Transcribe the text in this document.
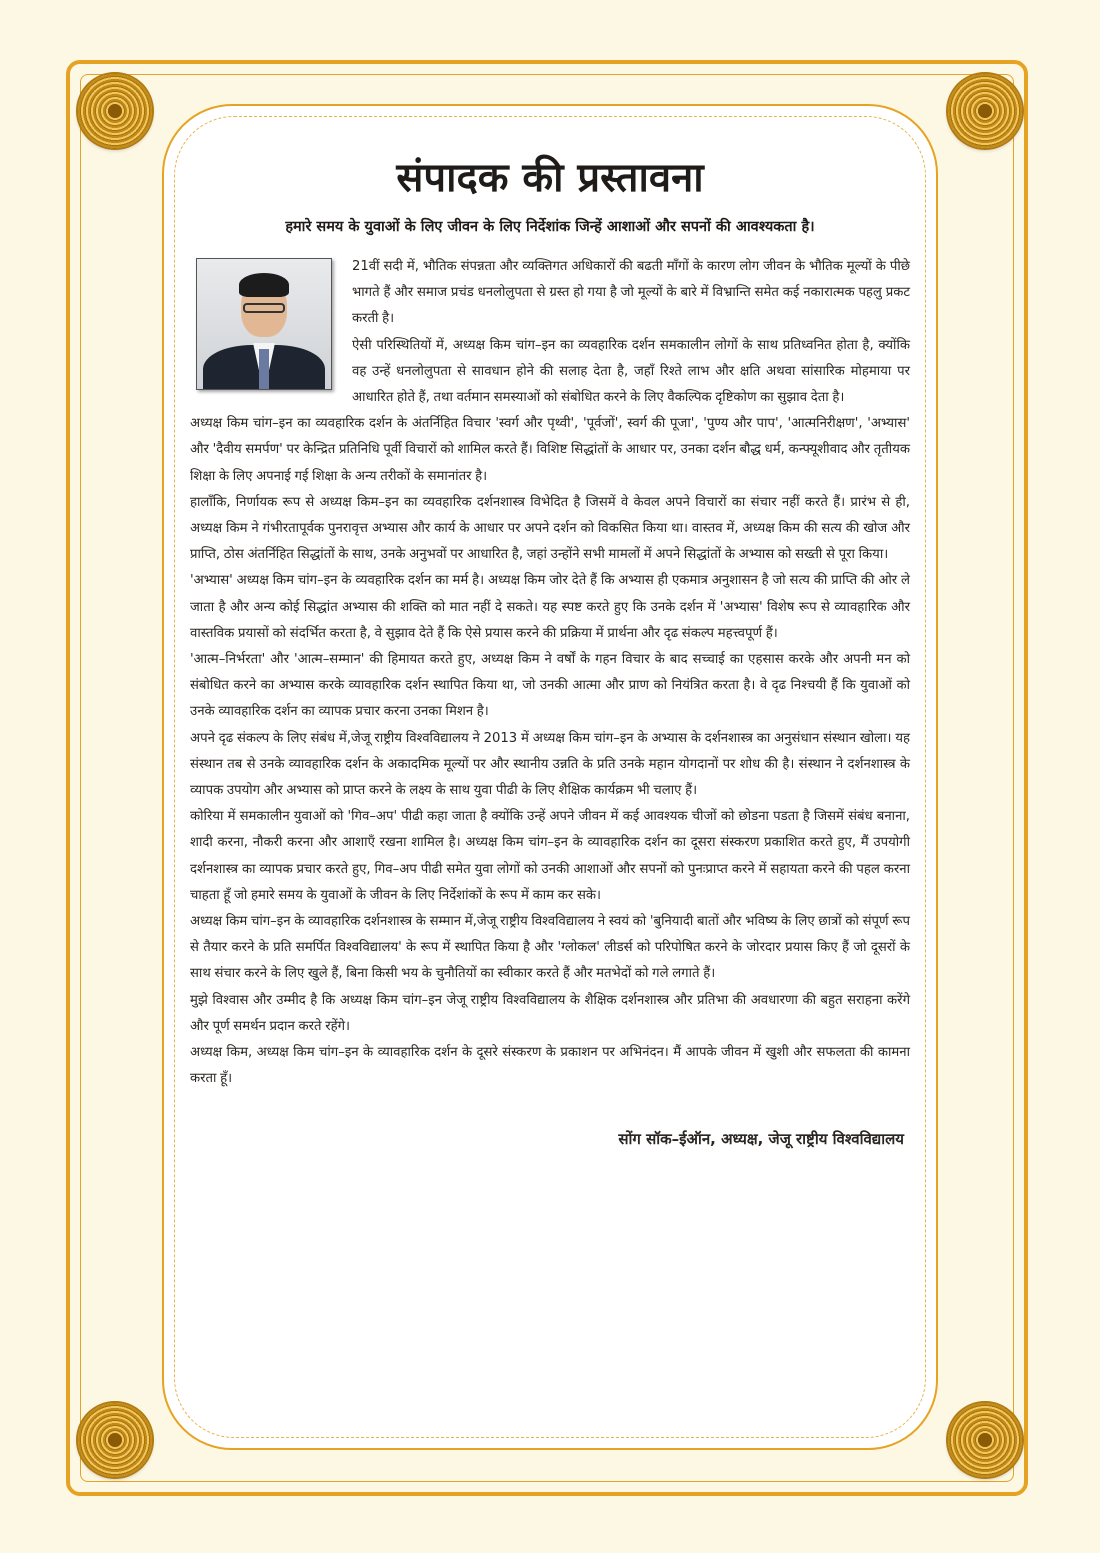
संपादक की प्रस्तावना
हमारे समय के युवाओं के लिए जीवन के लिए निर्देशांक जिन्हें आशाओं और सपनों की आवश्यकता है।

21वीं सदी में, भौतिक संपन्नता और व्यक्तिगत अधिकारों की बढती माँगों के कारण लोग जीवन के भौतिक मूल्यों के पीछे भागते हैं और समाज प्रचंड धनलोलुपता से ग्रस्त हो गया है जो मूल्यों के बारे में विभ्रान्ति समेत कई नकारात्मक पहलु प्रकट करती है।

ऐसी परिस्थितियों में, अध्यक्ष किम चांग–इन का व्यवहारिक दर्शन समकालीन लोगों के साथ प्रतिध्वनित होता है, क्योंकि वह उन्हें धनलोलुपता से सावधान होने की सलाह देता है, जहाँ रिश्ते लाभ और क्षति अथवा सांसारिक मोहमाया पर आधारित होते हैं, तथा वर्तमान समस्याओं को संबोधित करने के लिए वैकल्पिक दृष्टिकोण का सुझाव देता है।

अध्यक्ष किम चांग–इन का व्यवहारिक दर्शन के अंतर्निहित विचार 'स्वर्ग और पृथ्वी', 'पूर्वजों', स्वर्ग की पूजा', 'पुण्य और पाप', 'आत्मनिरीक्षण', 'अभ्यास' और 'दैवीय समर्पण' पर केन्द्रित प्रतिनिधि पूर्वी विचारों को शामिल करते हैं। विशिष्ट सिद्धांतों के आधार पर, उनका दर्शन बौद्ध धर्म, कन्फ्यूशीवाद और तृतीयक शिक्षा के लिए अपनाई गई शिक्षा के अन्य तरीकों के समानांतर है।

हालाँकि, निर्णायक रूप से अध्यक्ष किम–इन का व्यवहारिक दर्शनशास्त्र विभेदित है जिसमें वे केवल अपने विचारों का संचार नहीं करते हैं। प्रारंभ से ही, अध्यक्ष किम ने गंभीरतापूर्वक पुनरावृत्त अभ्यास और कार्य के आधार पर अपने दर्शन को विकसित किया था। वास्तव में, अध्यक्ष किम की सत्य की खोज और प्राप्ति, ठोस अंतर्निहित सिद्धांतों के साथ, उनके अनुभवों पर आधारित है, जहां उन्होंने सभी मामलों में अपने सिद्धांतों के अभ्यास को सख्ती से पूरा किया।

'अभ्यास' अध्यक्ष किम चांग–इन के व्यवहारिक दर्शन का मर्म है। अध्यक्ष किम जोर देते हैं कि अभ्यास ही एकमात्र अनुशासन है जो सत्य की प्राप्ति की ओर ले जाता है और अन्य कोई सिद्धांत अभ्यास की शक्ति को मात नहीं दे सकते। यह स्पष्ट करते हुए कि उनके दर्शन में 'अभ्यास' विशेष रूप से व्यावहारिक और वास्तविक प्रयासों को संदर्भित करता है, वे सुझाव देते हैं कि ऐसे प्रयास करने की प्रक्रिया में प्रार्थना और दृढ संकल्प महत्त्वपूर्ण हैं।

'आत्म–निर्भरता' और 'आत्म–सम्मान' की हिमायत करते हुए, अध्यक्ष किम ने वर्षों के गहन विचार के बाद सच्चाई का एहसास करके और अपनी मन को संबोधित करने का अभ्यास करके व्यावहारिक दर्शन स्थापित किया था, जो उनकी आत्मा और प्राण को नियंत्रित करता है। वे दृढ निश्चयी हैं कि युवाओं को उनके व्यावहारिक दर्शन का व्यापक प्रचार करना उनका मिशन है।

अपने दृढ संकल्प के लिए संबंध में,जेजू राष्ट्रीय विश्वविद्यालय ने 2013 में अध्यक्ष किम चांग–इन के अभ्यास के दर्शनशास्त्र का अनुसंधान संस्थान खोला। यह संस्थान तब से उनके व्यावहारिक दर्शन के अकादमिक मूल्यों पर और स्थानीय उन्नति के प्रति उनके महान योगदानों पर शोध की है। संस्थान ने दर्शनशास्त्र के व्यापक उपयोग और अभ्यास को प्राप्त करने के लक्ष्य के साथ युवा पीढी के लिए शैक्षिक कार्यक्रम भी चलाए हैं।

कोरिया में समकालीन युवाओं को 'गिव–अप' पीढी कहा जाता है क्योंकि उन्हें अपने जीवन में कई आवश्यक चीजों को छोडना पडता है जिसमें संबंध बनाना, शादी करना, नौकरी करना और आशाएँ रखना शामिल है। अध्यक्ष किम चांग–इन के व्यावहारिक दर्शन का दूसरा संस्करण प्रकाशित करते हुए, मैं उपयोगी दर्शनशास्त्र का व्यापक प्रचार करते हुए, गिव–अप पीढी समेत युवा लोगों को उनकी आशाओं और सपनों को पुनःप्राप्त करने में सहायता करने की पहल करना चाहता हूँ जो हमारे समय के युवाओं के जीवन के लिए निर्देशांकों के रूप में काम कर सके।

अध्यक्ष किम चांग–इन के व्यावहारिक दर्शनशास्त्र के सम्मान में,जेजू राष्ट्रीय विश्वविद्यालय ने स्वयं को 'बुनियादी बातों और भविष्य के लिए छात्रों को संपूर्ण रूप से तैयार करने के प्रति समर्पित विश्वविद्यालय' के रूप में स्थापित किया है और 'ग्लोकल' लीडर्स को परिपोषित करने के जोरदार प्रयास किए हैं जो दूसरों के साथ संचार करने के लिए खुले हैं, बिना किसी भय के चुनौतियों का स्वीकार करते हैं और मतभेदों को गले लगाते हैं।

मुझे विश्वास और उम्मीद है कि अध्यक्ष किम चांग–इन जेजू राष्ट्रीय विश्वविद्यालय के शैक्षिक दर्शनशास्त्र और प्रतिभा की अवधारणा की बहुत सराहना करेंगे और पूर्ण समर्थन प्रदान करते रहेंगे।

अध्यक्ष किम, अध्यक्ष किम चांग–इन के व्यावहारिक दर्शन के दूसरे संस्करण के प्रकाशन पर अभिनंदन। मैं आपके जीवन में खुशी और सफलता की कामना करता हूँ।

सोंग सॉक–ईऑन, अध्यक्ष, जेजू राष्ट्रीय विश्वविद्यालय
